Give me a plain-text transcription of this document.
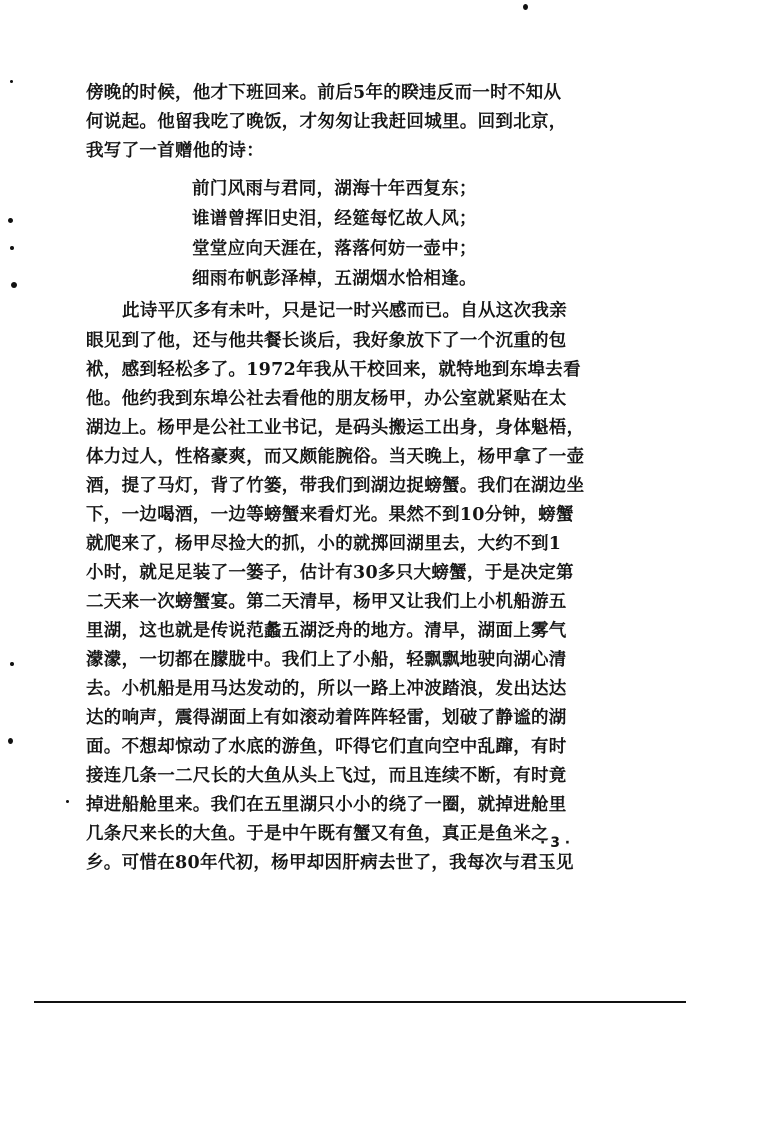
傍晚的时候，他才下班回来。前后5年的睽违反而一时不知从
何说起。他留我吃了晚饭，才匆匆让我赶回城里。回到北京，
我写了一首赠他的诗：
前门风雨与君同，湖海十年西复东；
谁谱曾挥旧史泪，经筵每忆故人风；
堂堂应向天涯在，落落何妨一壶中；
细雨布帆彭泽棹，五湖烟水恰相逢。
此诗平仄多有未叶，只是记一时兴感而已。自从这次我亲
眼见到了他，还与他共餐长谈后，我好象放下了一个沉重的包
袱，感到轻松多了。1972年我从干校回来，就特地到东埠去看
他。他约我到东埠公社去看他的朋友杨甲，办公室就紧贴在太
湖边上。杨甲是公社工业书记，是码头搬运工出身，身体魁梧，
体力过人，性格豪爽，而又颇能腕俗。当天晚上，杨甲拿了一壶
酒，提了马灯，背了竹篓，带我们到湖边捉螃蟹。我们在湖边坐
下，一边喝酒，一边等螃蟹来看灯光。果然不到10分钟，螃蟹
就爬来了，杨甲尽捡大的抓，小的就掷回湖里去，大约不到1
小时，就足足装了一篓子，估计有30多只大螃蟹，于是决定第
二天来一次螃蟹宴。第二天清早，杨甲又让我们上小机船游五
里湖，这也就是传说范蠡五湖泛舟的地方。清早，湖面上雾气
濛濛，一切都在朦胧中。我们上了小船，轻飘飘地驶向湖心清
去。小机船是用马达发动的，所以一路上冲波踏浪，发出达达
达的响声，震得湖面上有如滚动着阵阵轻雷，划破了静谧的湖
面。不想却惊动了水底的游鱼，吓得它们直向空中乱蹿，有时
接连几条一二尺长的大鱼从头上飞过，而且连续不断，有时竟
掉进船舱里来。我们在五里湖只小小的绕了一圈，就掉进舱里
几条尺来长的大鱼。于是中午既有蟹又有鱼，真正是鱼米之
乡。可惜在80年代初，杨甲却因肝病去世了，我每次与君玉见
· 3 ·
